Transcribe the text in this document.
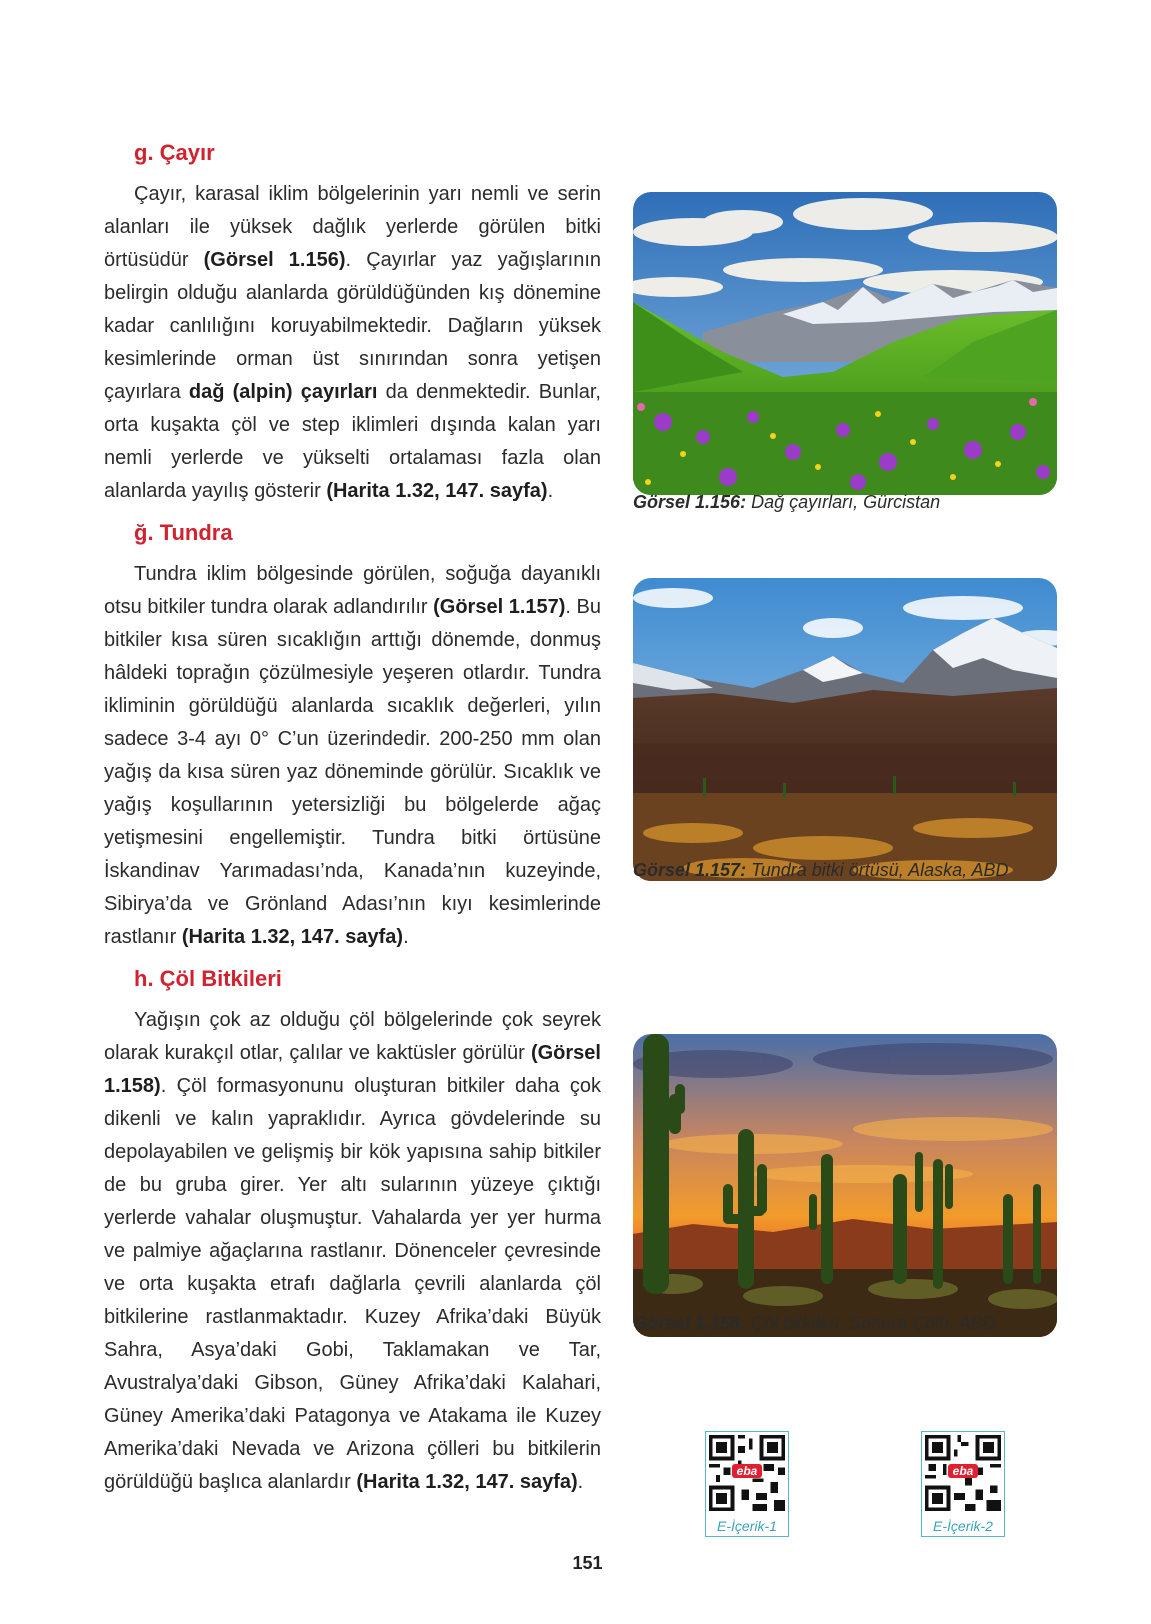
g. Çayır

Çayır, karasal iklim bölgelerinin yarı nemli ve serin alanları ile yüksek dağlık yerlerde görülen bitki örtüsüdür (Görsel 1.156). Çayırlar yaz yağışlarının belirgin olduğu alanlarda görüldüğünden kış dönemine kadar canlılığını koruyabilmektedir. Dağların yüksek kesimlerinde orman üst sınırından sonra yetişen çayırlara dağ (alpin) çayırları da denmektedir. Bunlar, orta kuşakta çöl ve step iklimleri dışında kalan yarı nemli yerlerde ve yükselti ortalaması fazla olan alanlarda yayılış gösterir (Harita 1.32, 147. sayfa).

ğ. Tundra

Tundra iklim bölgesinde görülen, soğuğa dayanıklı otsu bitkiler tundra olarak adlandırılır (Görsel 1.157). Bu bitkiler kısa süren sıcaklığın arttığı dönemde, donmuş hâldeki toprağın çözülmesiyle yeşeren otlardır. Tundra ikliminin görüldüğü alanlarda sıcaklık değerleri, yılın sadece 3-4 ayı 0° C’un üzerindedir. 200-250 mm olan yağış da kısa süren yaz döneminde görülür. Sıcaklık ve yağış koşullarının yetersizliği bu bölgelerde ağaç yetişmesini engellemiştir. Tundra bitki örtüsüne İskandinav Yarımadası’nda, Kanada’nın kuzeyinde, Sibirya’da ve Grönland Adası’nın kıyı kesimlerinde rastlanır (Harita 1.32, 147. sayfa).

h. Çöl Bitkileri

Yağışın çok az olduğu çöl bölgelerinde çok seyrek olarak kurakçıl otlar, çalılar ve kaktüsler görülür (Görsel 1.158). Çöl formasyonunu oluşturan bitkiler daha çok dikenli ve kalın yapraklıdır. Ayrıca gövdelerinde su depolayabilen ve gelişmiş bir kök yapısına sahip bitkiler de bu gruba girer. Yer altı sularının yüzeye çıktığı yerlerde vahalar oluşmuştur. Vahalarda yer yer hurma ve palmiye ağaçlarına rastlanır. Dönenceler çevresinde ve orta kuşakta etrafı dağlarla çevrili alanlarda çöl bitkilerine rastlanmaktadır. Kuzey Afrika’daki Büyük Sahra, Asya’daki Gobi, Taklamakan ve Tar, Avustralya’daki Gibson, Güney Afrika’daki Kalahari, Güney Amerika’daki Patagonya ve Atakama ile Kuzey Amerika’daki Nevada ve Arizona çölleri bu bitkilerin görüldüğü başlıca alanlardır (Harita 1.32, 147. sayfa).

Görsel 1.156: Dağ çayırları, Gürcistan
Görsel 1.157: Tundra bitki örtüsü, Alaska, ABD
Görsel 1.158: Çöl bitkileri, Sonora Çölü, ABD
eba
E-İçerik-1
eba
E-İçerik-2
151
